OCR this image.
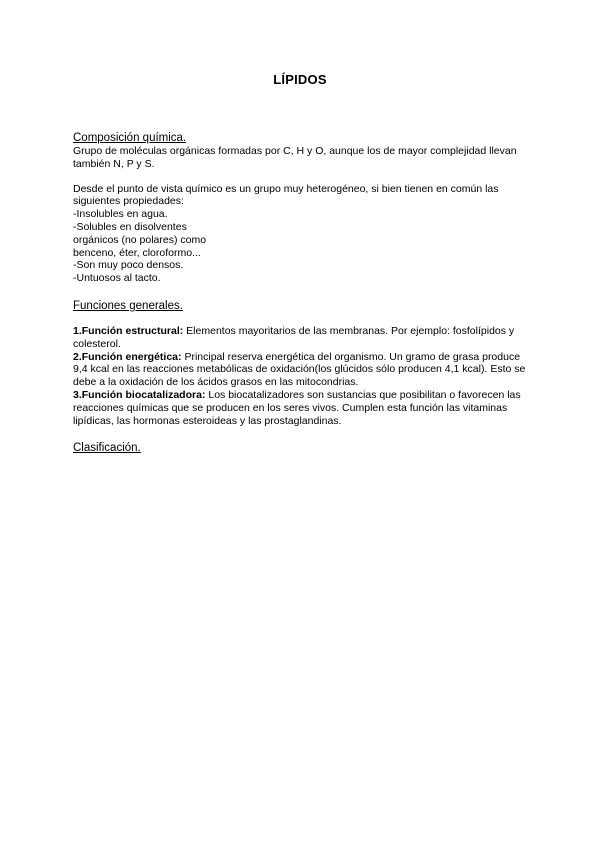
LÍPIDOS

Composición química.

Grupo de moléculas orgánicas formadas por C, H y O, aunque los de mayor complejidad llevan también N, P y S.

Desde el punto de vista químico es un grupo muy heterogéneo, si bien tienen en común las siguientes propiedades:

-Insolubles en agua.

-Solubles en disolventes orgánicos (no polares) como benceno, éter, cloroformo...

-Son muy poco densos.

-Untuosos al tacto.

Funciones generales.

1.Función estructural: Elementos mayoritarios de las membranas. Por ejemplo: fosfolípidos y colesterol.

2.Función energética: Principal reserva energética del organismo. Un gramo de grasa produce 9,4 kcal en las reacciones metabólicas de oxidación(los glúcidos sólo producen 4,1 kcal). Esto se debe a la oxidación de los ácidos grasos en las mitocondrias.

3.Función biocatalizadora: Los biocatalizadores son sustancias que posibilitan o favorecen las reacciones químicas que se producen en los seres vivos. Cumplen esta función las vitaminas lipídicas, las hormonas esteroideas y las prostaglandinas.

Clasificación.
